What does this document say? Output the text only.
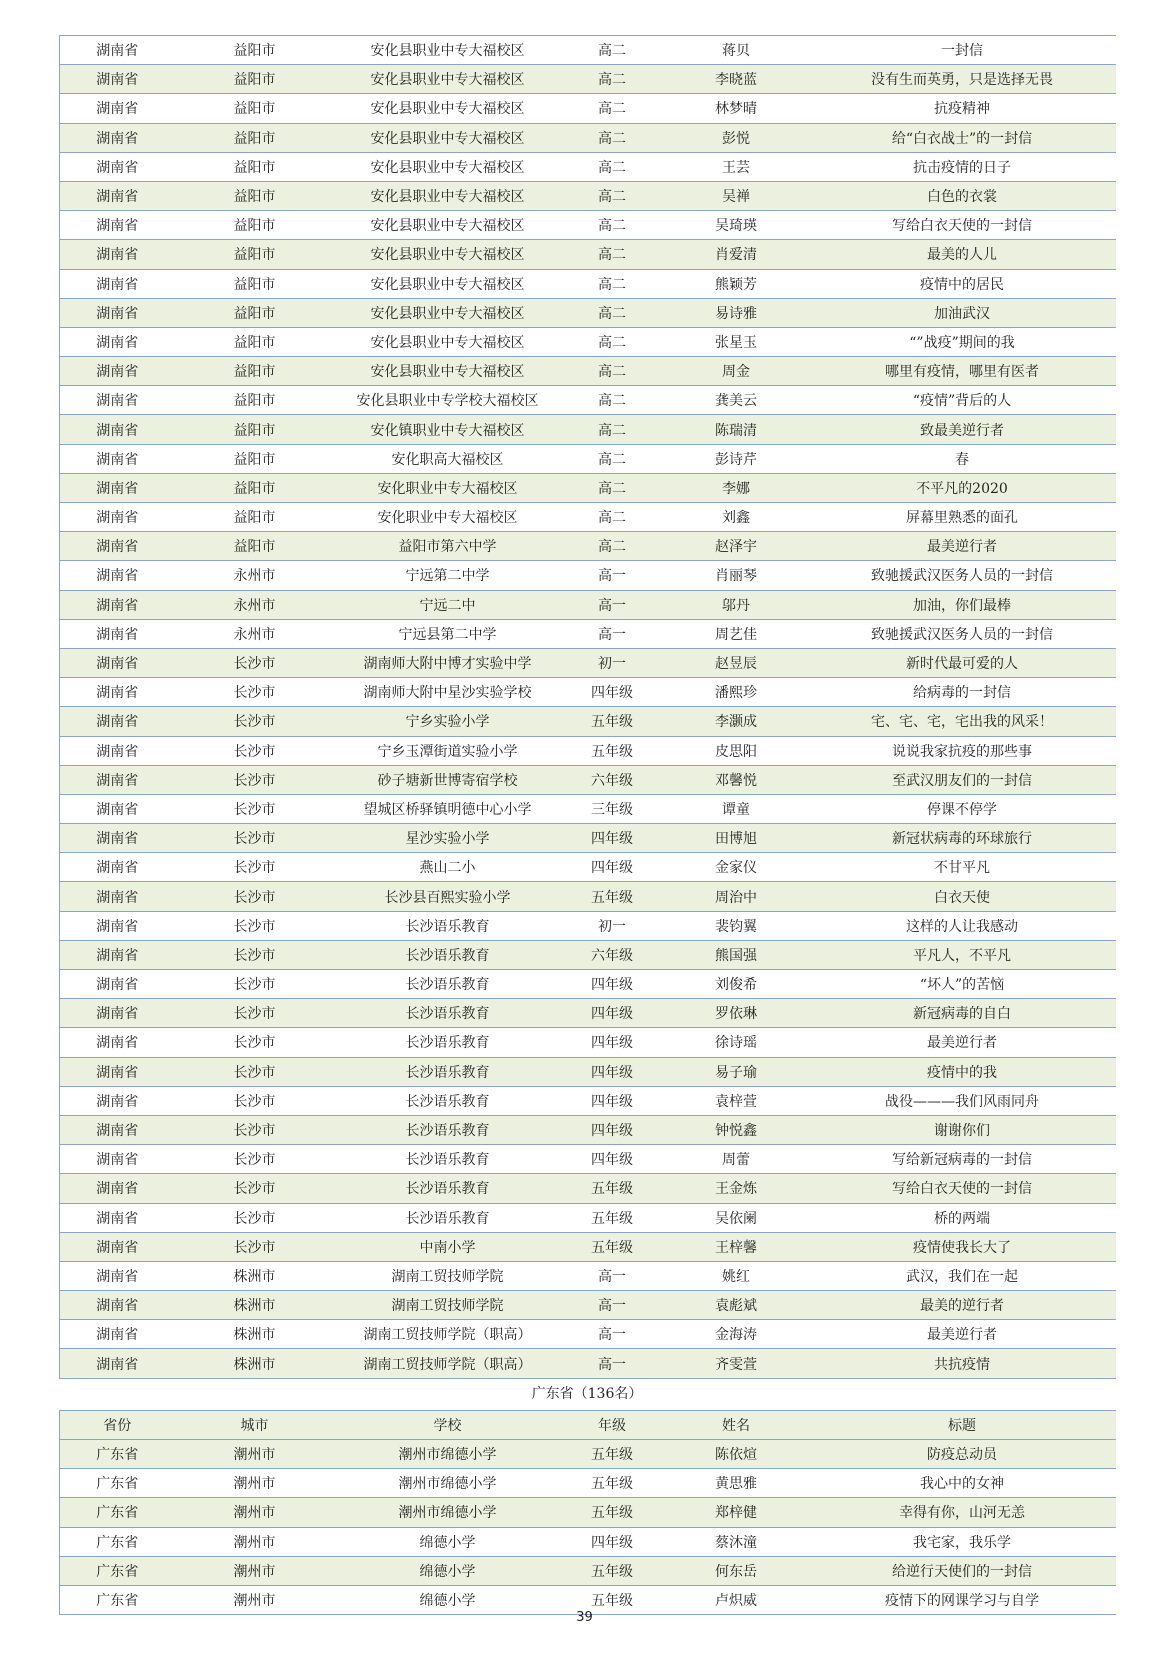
湖南省	益阳市	安化县职业中专大福校区	高二	蒋贝	一封信
湖南省	益阳市	安化县职业中专大福校区	高二	李晓蓝	没有生而英勇，只是选择无畏
湖南省	益阳市	安化县职业中专大福校区	高二	林梦晴	抗疫精神
湖南省	益阳市	安化县职业中专大福校区	高二	彭悦	给“白衣战士”的一封信
湖南省	益阳市	安化县职业中专大福校区	高二	王芸	抗击疫情的日子
湖南省	益阳市	安化县职业中专大福校区	高二	吴禅	白色的衣裳
湖南省	益阳市	安化县职业中专大福校区	高二	吴琦瑛	写给白衣天使的一封信
湖南省	益阳市	安化县职业中专大福校区	高二	肖爱清	最美的人儿
湖南省	益阳市	安化县职业中专大福校区	高二	熊颖芳	疫情中的居民
湖南省	益阳市	安化县职业中专大福校区	高二	易诗雅	加油武汉
湖南省	益阳市	安化县职业中专大福校区	高二	张星玉	“”战疫”期间的我
湖南省	益阳市	安化县职业中专大福校区	高二	周金	哪里有疫情，哪里有医者
湖南省	益阳市	安化县职业中专学校大福校区	高二	龚美云	“疫情”背后的人
湖南省	益阳市	安化镇职业中专大福校区	高二	陈瑞清	致最美逆行者
湖南省	益阳市	安化职高大福校区	高二	彭诗芹	春
湖南省	益阳市	安化职业中专大福校区	高二	李娜	不平凡的2020
湖南省	益阳市	安化职业中专大福校区	高二	刘鑫	屏幕里熟悉的面孔
湖南省	益阳市	益阳市第六中学	高二	赵泽宇	最美逆行者
湖南省	永州市	宁远第二中学	高一	肖丽琴	致驰援武汉医务人员的一封信
湖南省	永州市	宁远二中	高一	邬丹	加油，你们最棒
湖南省	永州市	宁远县第二中学	高一	周艺佳	致驰援武汉医务人员的一封信
湖南省	长沙市	湖南师大附中博才实验中学	初一	赵昱辰	新时代最可爱的人
湖南省	长沙市	湖南师大附中星沙实验学校	四年级	潘熙珍	给病毒的一封信
湖南省	长沙市	宁乡实验小学	五年级	李灏成	宅、宅、宅，宅出我的风采！
湖南省	长沙市	宁乡玉潭街道实验小学	五年级	皮思阳	说说我家抗疫的那些事
湖南省	长沙市	砂子塘新世博寄宿学校	六年级	邓馨悦	至武汉朋友们的一封信
湖南省	长沙市	望城区桥驿镇明德中心小学	三年级	谭童	停课不停学
湖南省	长沙市	星沙实验小学	四年级	田博旭	新冠状病毒的环球旅行
湖南省	长沙市	燕山二小	四年级	金家仪	不甘平凡
湖南省	长沙市	长沙县百熙实验小学	五年级	周治中	白衣天使
湖南省	长沙市	长沙语乐教育	初一	裴钧翼	这样的人让我感动
湖南省	长沙市	长沙语乐教育	六年级	熊国强	平凡人，不平凡
湖南省	长沙市	长沙语乐教育	四年级	刘俊希	“坏人”的苦恼
湖南省	长沙市	长沙语乐教育	四年级	罗依琳	新冠病毒的自白
湖南省	长沙市	长沙语乐教育	四年级	徐诗瑶	最美逆行者
湖南省	长沙市	长沙语乐教育	四年级	易子瑜	疫情中的我
湖南省	长沙市	长沙语乐教育	四年级	袁梓萱	战役———我们风雨同舟
湖南省	长沙市	长沙语乐教育	四年级	钟悦鑫	谢谢你们
湖南省	长沙市	长沙语乐教育	四年级	周蕾	写给新冠病毒的一封信
湖南省	长沙市	长沙语乐教育	五年级	王金炼	写给白衣天使的一封信
湖南省	长沙市	长沙语乐教育	五年级	吴依阑	桥的两端
湖南省	长沙市	中南小学	五年级	王梓馨	疫情使我长大了
湖南省	株洲市	湖南工贸技师学院	高一	姚红	武汉，我们在一起
湖南省	株洲市	湖南工贸技师学院	高一	袁彪斌	最美的逆行者
湖南省	株洲市	湖南工贸技师学院（职高）	高一	金海涛	最美逆行者
湖南省	株洲市	湖南工贸技师学院（职高）	高一	齐雯萱	共抗疫情
广东省（136名）
省份	城市	学校	年级	姓名	标题
广东省	潮州市	潮州市绵德小学	五年级	陈依煊	防疫总动员
广东省	潮州市	潮州市绵德小学	五年级	黄思雅	我心中的女神
广东省	潮州市	潮州市绵德小学	五年级	郑梓健	幸得有你，山河无恙
广东省	潮州市	绵德小学	四年级	蔡沐潼	我宅家，我乐学
广东省	潮州市	绵德小学	五年级	何东岳	给逆行天使们的一封信
广东省	潮州市	绵德小学	五年级	卢炽威	疫情下的网课学习与自学
39
